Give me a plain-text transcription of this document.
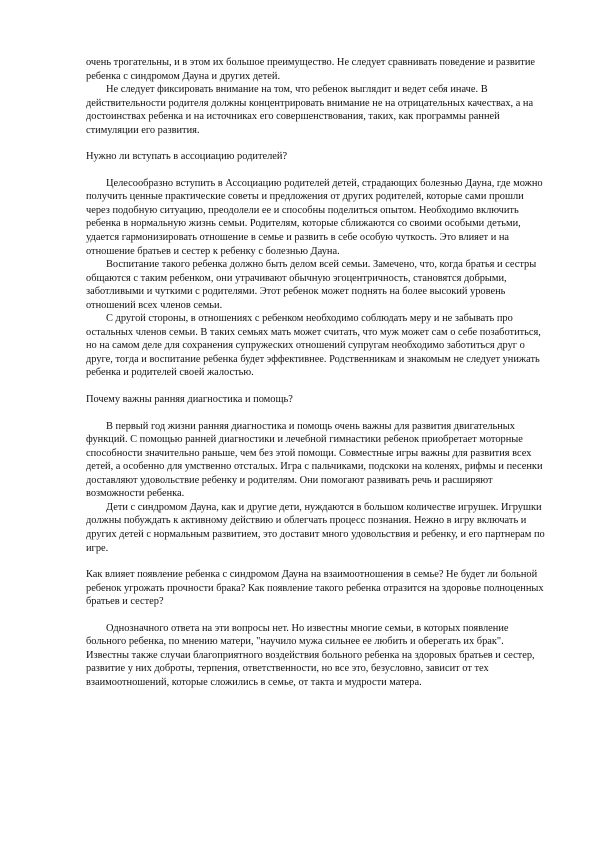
очень трогательны, и в этом их большое преимущество. Не следует сравнивать поведение и развитие ребенка с синдромом Дауна и других детей.

Не следует фиксировать внимание на том, что ребенок выглядит и ведет себя иначе. В действительности родителя должны концентрировать внимание не на отрицательных качествах, а на достоинствах ребенка и на источниках его совершенствования, таких, как программы ранней стимуляции его развития.

Нужно ли вступать в ассоциацию родителей?

Целесообразно вступить в Ассоциацию родителей детей, страдающих болезнью Дауна, где можно получить ценные практические советы и предложения от других родителей, которые сами прошли через подобную ситуацию, преодолели ее и способны поделиться опытом. Необходимо включить ребенка в нормальную жизнь семьи. Родителям, которые сближаются со своими особыми детьми, удается гармонизировать отношение в семье и развить в себе особую чуткость. Это влияет и на отношение братьев и сестер к ребенку с болезнью Дауна.

Воспитание такого ребенка должно быть делом всей семьи. Замечено, что, когда братья и сестры общаются с таким ребенком, они утрачивают обычную эгоцентричность, становятся добрыми, заботливыми и чуткими с родителями. Этот ребенок может поднять на более высокий уровень отношений всех членов семьи.

С другой стороны, в отношениях с ребенком необходимо соблюдать меру и не забывать про остальных членов семьи. В таких семьях мать может считать, что муж может сам о себе позаботиться, но на самом деле для сохранения супружеских отношений супругам необходимо заботиться друг о друге, тогда и воспитание ребенка будет эффективнее. Родственникам и знакомым не следует унижать ребенка и родителей своей жалостью.

Почему важны ранняя диагностика и помощь?

В первый год жизни ранняя диагностика и помощь очень важны для развития двигательных функций. С помощью ранней диагностики и лечебной гимнастики ребенок приобретает моторные способности значительно раньше, чем без этой помощи. Совместные игры важны для развития всех детей, а особенно для умственно отсталых. Игра с пальчиками, подскоки на коленях, рифмы и песенки доставляют удовольствие ребенку и родителям. Они помогают развивать речь и расширяют возможности ребенка.

Дети с синдромом Дауна, как и другие дети, нуждаются в большом количестве игрушек. Игрушки должны побуждать к активному действию и облегчать процесс познания. Нежно в игру включать и других детей с нормальным развитием, это доставит много удовольствия и ребенку, и его партнерам по игре.

Как влияет появление ребенка с синдромом Дауна на взаимоотношения в семье? Не будет ли больной ребенок угрожать прочности брака? Как появление такого ребенка отразится на здоровье полноценных братьев и сестер?

Однозначного ответа на эти вопросы нет. Но известны многие семьи, в которых появление больного ребенка, по мнению матери, "научило мужа сильнее ее любить и оберегать их брак". Известны также случаи благоприятного воздействия больного ребенка на здоровых братьев и сестер, развитие у них доброты, терпения, ответственности, но все это, безусловно, зависит от тех взаимоотношений, которые сложились в семье, от такта и мудрости матера.
